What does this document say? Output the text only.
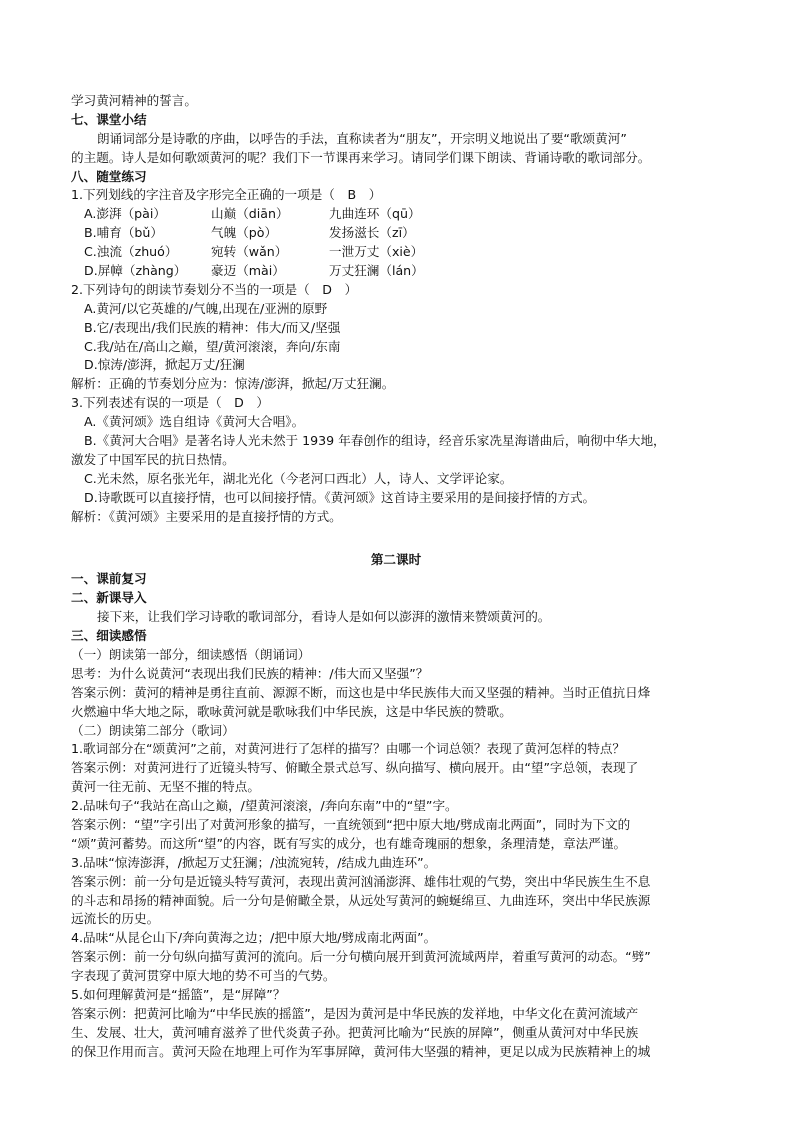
学习黄河精神的誓言。
七、课堂小结
朗诵词部分是诗歌的序曲，以呼告的手法，直称读者为“朋友”，开宗明义地说出了要“歌颂黄河”
的主题。诗人是如何歌颂黄河的呢？我们下一节课再来学习。请同学们课下朗读、背诵诗歌的歌词部分。
八、随堂练习
1.下列划线的字注音及字形完全正确的一项是（　B　）
A.澎湃（pài）	山巅（diān）	九曲连环（qū）
B.哺育（bǔ）	气魄（pò）	发扬滋长（zī）
C.浊流（zhuó）	宛转（wǎn）	一泄万丈（xiè）
D.屏幛（zhàng）	豪迈（mài）	万丈狂澜（lán）
2.下列诗句的朗读节奏划分不当的一项是（　D　）
A.黄河/以它英雄的/气魄,出现在/亚洲的原野
B.它/表现出/我们民族的精神：伟大/而又/坚强
C.我/站在/高山之巅，望/黄河滚滚，奔向/东南
D.惊涛/澎湃，掀起万丈/狂澜
解析：正确的节奏划分应为：惊涛/澎湃，掀起/万丈狂澜。
3.下列表述有误的一项是（　D　）
A.《黄河颂》选自组诗《黄河大合唱》。
B.《黄河大合唱》是著名诗人光未然于 1939 年春创作的组诗，经音乐家冼星海谱曲后，响彻中华大地，
激发了中国军民的抗日热情。
C.光未然，原名张光年，湖北光化（今老河口西北）人，诗人、文学评论家。
D.诗歌既可以直接抒情，也可以间接抒情。《黄河颂》这首诗主要采用的是间接抒情的方式。
解析：《黄河颂》主要采用的是直接抒情的方式。
第二课时
一、课前复习
二、新课导入
接下来，让我们学习诗歌的歌词部分，看诗人是如何以澎湃的激情来赞颂黄河的。
三、细读感悟
（一）朗读第一部分，细读感悟（朗诵词）
思考：为什么说黄河“表现出我们民族的精神：/伟大而又坚强”？
答案示例：黄河的精神是勇往直前、源源不断，而这也是中华民族伟大而又坚强的精神。当时正值抗日烽
火燃遍中华大地之际，歌咏黄河就是歌咏我们中华民族，这是中华民族的赞歌。
（二）朗读第二部分（歌词）
1.歌词部分在“颂黄河”之前，对黄河进行了怎样的描写？由哪一个词总领？表现了黄河怎样的特点？
答案示例：对黄河进行了近镜头特写、俯瞰全景式总写、纵向描写、横向展开。由“望”字总领，表现了
黄河一往无前、无坚不摧的特点。
2.品味句子“我站在高山之巅，/望黄河滚滚，/奔向东南”中的“望”字。
答案示例：“望”字引出了对黄河形象的描写，一直统领到“把中原大地/劈成南北两面”，同时为下文的
“颂”黄河蓄势。而这所“望”的内容，既有写实的成分，也有雄奇瑰丽的想象，条理清楚，章法严谨。
3.品味“惊涛澎湃，/掀起万丈狂澜；/浊流宛转，/结成九曲连环”。
答案示例：前一分句是近镜头特写黄河，表现出黄河汹涌澎湃、雄伟壮观的气势，突出中华民族生生不息
的斗志和昂扬的精神面貌。后一分句是俯瞰全景，从远处写黄河的蜿蜒绵亘、九曲连环，突出中华民族源
远流长的历史。
4.品味“从昆仑山下/奔向黄海之边；/把中原大地/劈成南北两面”。
答案示例：前一分句纵向描写黄河的流向。后一分句横向展开到黄河流域两岸，着重写黄河的动态。“劈”
字表现了黄河贯穿中原大地的势不可当的气势。
5.如何理解黄河是“摇篮”，是“屏障”？
答案示例：把黄河比喻为“中华民族的摇篮”，是因为黄河是中华民族的发祥地，中华文化在黄河流域产
生、发展、壮大，黄河哺育滋养了世代炎黄子孙。把黄河比喻为“民族的屏障”，侧重从黄河对中华民族
的保卫作用而言。黄河天险在地理上可作为军事屏障，黄河伟大坚强的精神，更足以成为民族精神上的城
